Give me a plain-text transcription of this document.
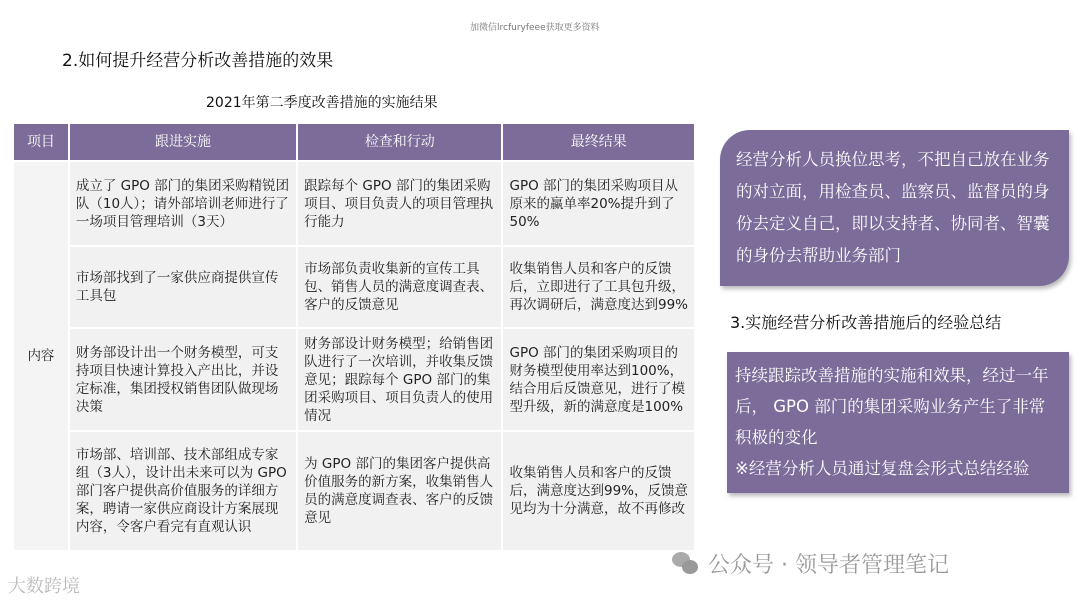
加微信lrcfuryfeee获取更多资料
2.如何提升经营分析改善措施的效果
2021年第二季度改善措施的实施结果
项目	跟进实施	检查和行动	最终结果
内容	成立了 GPO 部门的集团采购精锐团队（10人）；请外部培训老师进行了一场项目管理培训（3天）	跟踪每个 GPO 部门的集团采购项目、项目负责人的项目管理执行能力	GPO 部门的集团采购项目从原来的赢单率20%提升到了50%
	市场部找到了一家供应商提供宣传工具包	市场部负责收集新的宣传工具包、销售人员的满意度调查表、客户的反馈意见	收集销售人员和客户的反馈后，立即进行了工具包升级，再次调研后，满意度达到99%
	财务部设计出一个财务模型，可支持项目快速计算投入产出比，并设定标准，集团授权销售团队做现场决策	财务部设计财务模型；给销售团队进行了一次培训，并收集反馈意见；跟踪每个 GPO 部门的集团采购项目、项目负责人的使用情况	GPO 部门的集团采购项目的财务模型使用率达到100%，结合用后反馈意见，进行了模型升级，新的满意度是100%
	市场部、培训部、技术部组成专家组（3人），设计出未来可以为 GPO 部门客户提供高价值服务的详细方案，聘请一家供应商设计方案展现内容，令客户看完有直观认识	为 GPO 部门的集团客户提供高价值服务的新方案，收集销售人员的满意度调查表、客户的反馈意见	收集销售人员和客户的反馈后，满意度达到99%，反馈意见均为十分满意，故不再修改
经营分析人员换位思考，不把自己放在业务的对立面，用检查员、监察员、监督员的身份去定义自己，即以支持者、协同者、智囊的身份去帮助业务部门
3.实施经营分析改善措施后的经验总结
持续跟踪改善措施的实施和效果，经过一年后， GPO 部门的集团采购业务产生了非常积极的变化
※经营分析人员通过复盘会形式总结经验
公众号 · 领导者管理笔记
大数跨境
